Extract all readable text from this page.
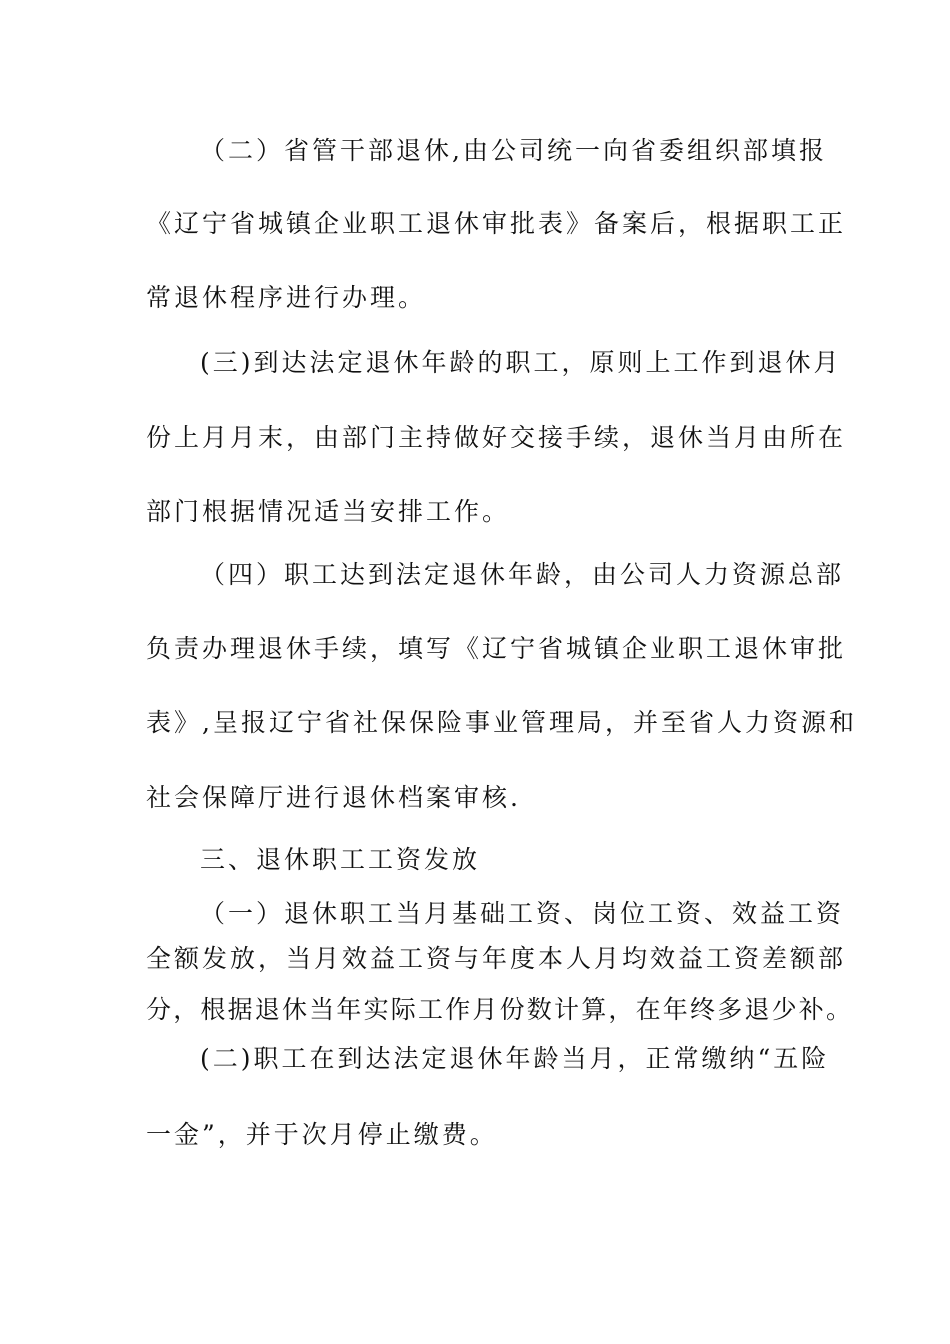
（二）省管干部退休,由公司统一向省委组织部填报
《辽宁省城镇企业职工退休审批表》备案后，根据职工正
常退休程序进行办理。
(三)到达法定退休年龄的职工，原则上工作到退休月
份上月月末，由部门主持做好交接手续，退休当月由所在
部门根据情况适当安排工作。
（四）职工达到法定退休年龄，由公司人力资源总部
负责办理退休手续，填写《辽宁省城镇企业职工退休审批
表》,呈报辽宁省社保保险事业管理局，并至省人力资源和
社会保障厅进行退休档案审核.
三、退休职工工资发放
（一）退休职工当月基础工资、岗位工资、效益工资
全额发放，当月效益工资与年度本人月均效益工资差额部
分，根据退休当年实际工作月份数计算，在年终多退少补。
(二)职工在到达法定退休年龄当月，正常缴纳“五险
一金”，并于次月停止缴费。
